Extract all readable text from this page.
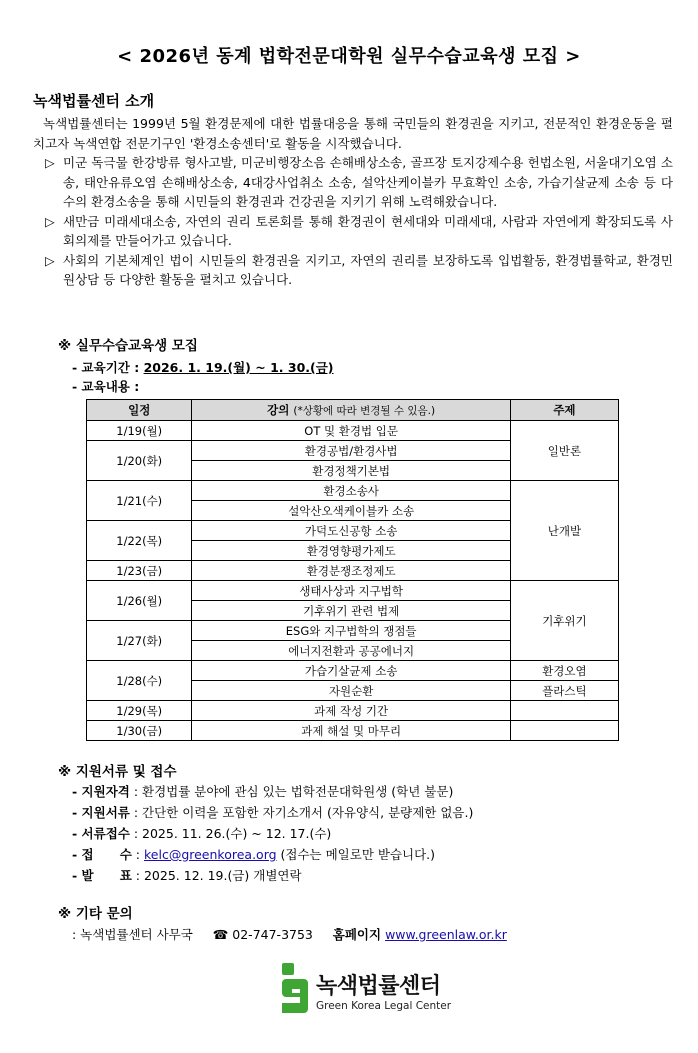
< 2026년 동계 법학전문대학원 실무수습교육생 모집 >
녹색법률센터 소개
녹색법률센터는 1999년 5월 환경문제에 대한 법률대응을 통해 국민들의 환경권을 지키고, 전문적인 환경운동을 펼치고자 녹색연합 전문기구인 '환경소송센터'로 활동을 시작했습니다.
▷ 미군 독극물 한강방류 형사고발, 미군비행장소음 손해배상소송, 골프장 토지강제수용 헌법소원, 서울대기오염 소송, 태안유류오염 손해배상소송, 4대강사업취소 소송, 설악산케이블카 무효확인 소송, 가습기살균제 소송 등 다수의 환경소송을 통해 시민들의 환경권과 건강권을 지키기 위해 노력해왔습니다.
▷ 새만금 미래세대소송, 자연의 권리 토론회를 통해 환경권이 현세대와 미래세대, 사람과 자연에게 확장되도록 사회의제를 만들어가고 있습니다.
▷ 사회의 기본체계인 법이 시민들의 환경권을 지키고, 자연의 권리를 보장하도록 입법활동, 환경법률학교, 환경민원상담 등 다양한 활동을 펼치고 있습니다.
※ 실무수습교육생 모집
- 교육기간 : 2026. 1. 19.(월) ~ 1. 30.(금)
- 교육내용 :
일정	강의 (*상황에 따라 변경될 수 있음.)	주제
1/19(월)	OT 및 환경법 입문	일반론
1/20(화)	환경공법/환경사법	
	환경정책기본법	
1/21(수)	환경소송사	난개발
	설악산오색케이블카 소송	
1/22(목)	가덕도신공항 소송	
	환경영향평가제도	
1/23(금)	환경분쟁조정제도	
1/26(월)	생태사상과 지구법학	기후위기
	기후위기 관련 법제	
1/27(화)	ESG와 지구법학의 쟁점들	
	에너지전환과 공공에너지	
1/28(수)	가습기살균제 소송	환경오염
	자원순환	플라스틱
1/29(목)	과제 작성 기간	
1/30(금)	과제 해설 및 마무리	
※ 지원서류 및 접수
- 지원자격 : 환경법률 분야에 관심 있는 법학전문대학원생 (학년 불문)
- 지원서류 : 간단한 이력을 포함한 자기소개서 (자유양식, 분량제한 없음.)
- 서류접수 : 2025. 11. 26.(수) ~ 12. 17.(수)
- 접      수 : kelc@greenkorea.org (접수는 메일로만 받습니다.)
- 발      표 : 2025. 12. 19.(금) 개별연락
※ 기타 문의
: 녹색법률센터 사무국 ☎ 02-747-3753 홈페이지 www.greenlaw.or.kr
녹색법률센터
Green Korea Legal Center
